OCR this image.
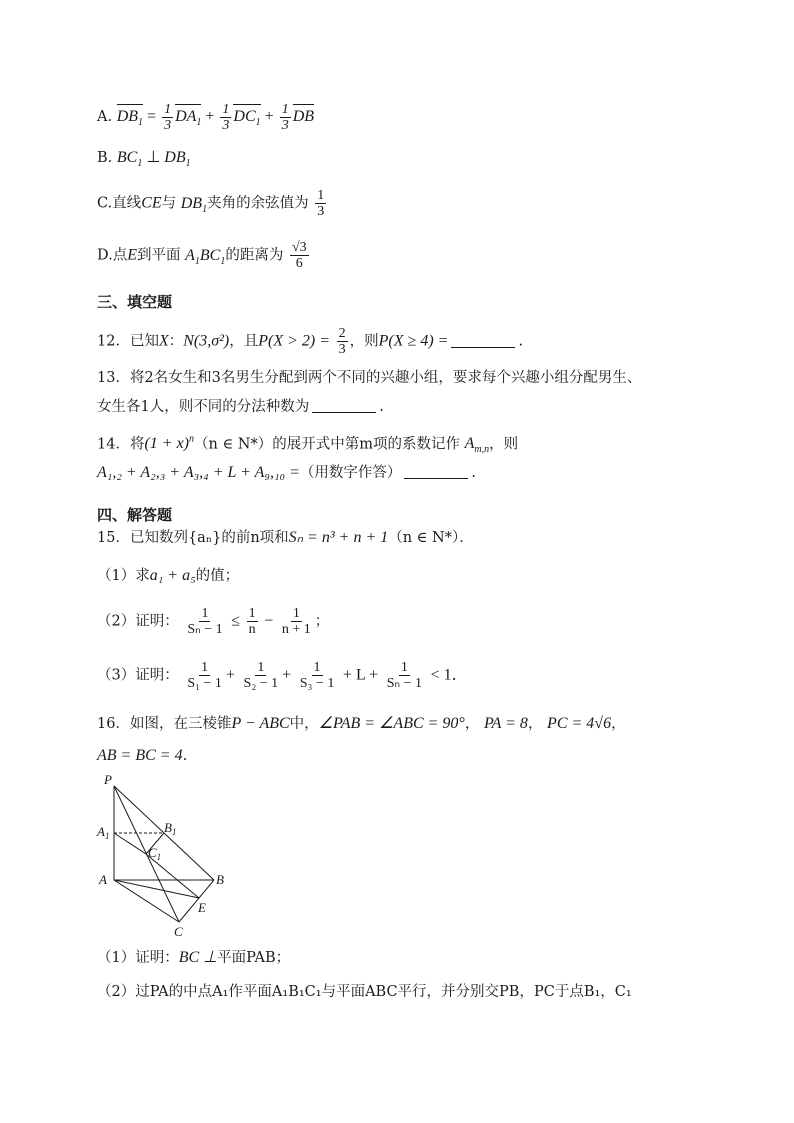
A. $DB_1 = \frac{1}{3} DA_1 + \frac{1}{3} DC_1 + \frac{1}{3}$ DB
B. $BC_1$ ⊥ $DB_1$
C.直线CE与 $DB_1$夹角的余弦值为 $\frac{1}{3}$
D.点E到平面 $A_1BC_1$的距离为 $\frac{√3}{6}$
三、填空题
12．已知X：N(3,σ²)，且$P(X > 2) = \frac{2}{3}$ ，则P(X ≥ 4) =	.
13．将2名女生和3名男生分配到两个不同的兴趣小组，要求每个兴趣小组分配男生、
女生各1人，则不同的分法种数为	.
14．将$(1 + x)^n(n$ ∈ N*）的展开式中第m项的系数记作 $A_{m,n}$，则
A₁,₂ + A₂,₃ + A₃,₄ + L + A₉,₁₀ =（用数字作答）	.
四、解答题
15．已知数列{aₙ}的前n项和Sₙ = n³ + n + 1（n ∈ N*）．
（1）求a₁ + a₅的值；
（2）证明： $\frac{1}{\text{Sₙ − 1}} \le \frac{1}{n} - \frac{1}{n + 1}$ ；
（3）证明： $\frac{1}{\text{S₁ − 1}} + \frac{1}{\text{S₂ − 1}} + \frac{1}{\text{S₃ − 1}} + L + \frac{1}{\text{Sₙ − 1}} < 1$．
16．如图，在三棱锥P − ABC中，∠PAB = ∠ABC = 90°， PA = 8， PC = 4√6，
AB = BC = 4.
P
$A_1$
$B_1$
$C_1$
A	B
E
C
（1）证明：BC ⊥平面PAB；
（2）过PA的中点A₁作平面A₁B₁C₁与平面ABC平行，并分别交PB，PC于点B₁，C₁
